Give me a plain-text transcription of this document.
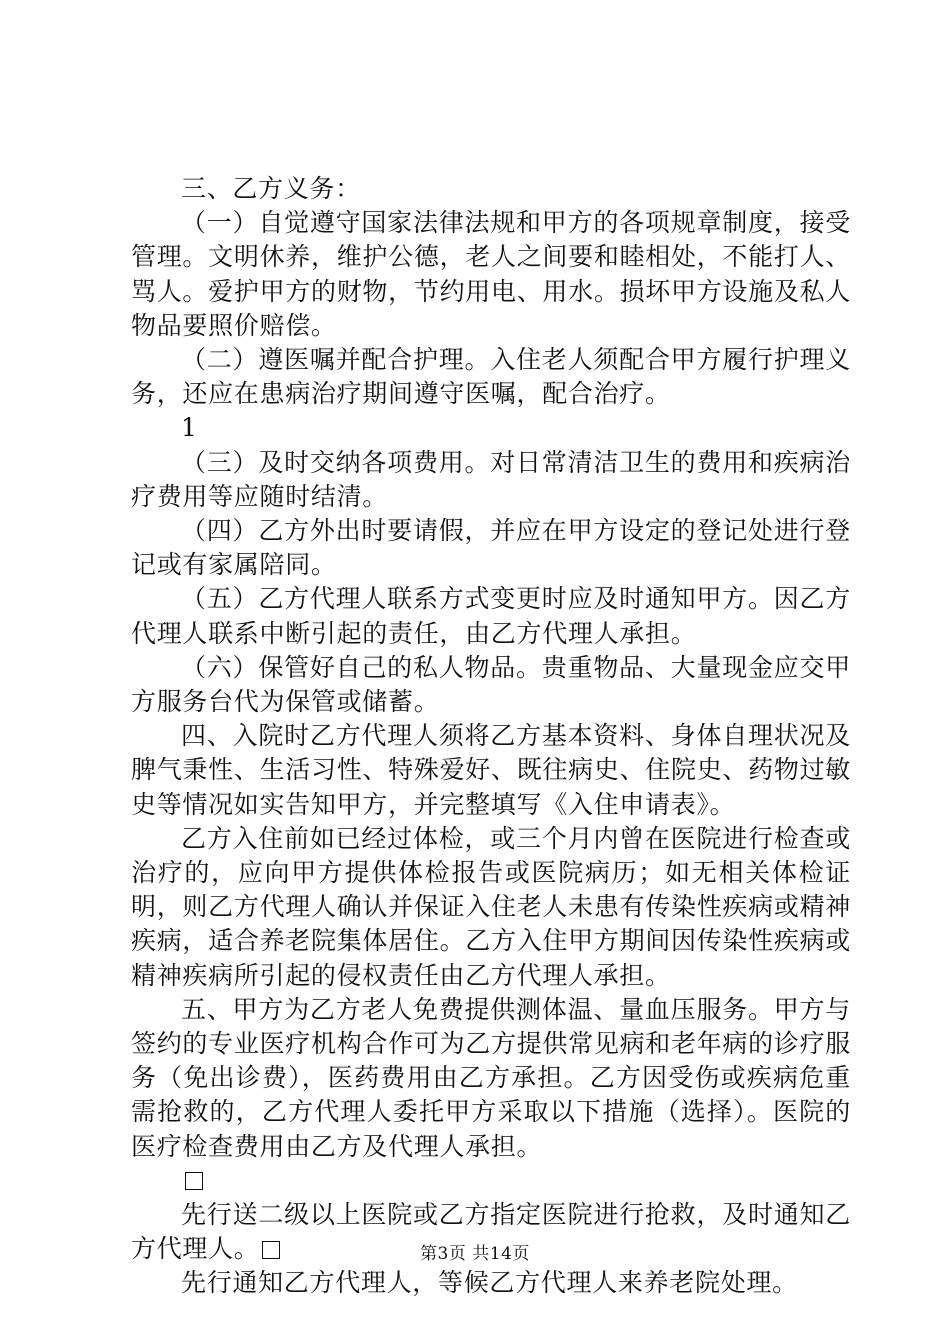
三、乙方义务：

（一）自觉遵守国家法律法规和甲方的各项规章制度，接受管理。文明休养，维护公德，老人之间要和睦相处，不能打人、骂人。爱护甲方的财物，节约用电、用水。损坏甲方设施及私人物品要照价赔偿。

（二）遵医嘱并配合护理。入住老人须配合甲方履行护理义务，还应在患病治疗期间遵守医嘱，配合治疗。

1

（三）及时交纳各项费用。对日常清洁卫生的费用和疾病治疗费用等应随时结清。

（四）乙方外出时要请假，并应在甲方设定的登记处进行登记或有家属陪同。

（五）乙方代理人联系方式变更时应及时通知甲方。因乙方代理人联系中断引起的责任，由乙方代理人承担。

（六）保管好自己的私人物品。贵重物品、大量现金应交甲方服务台代为保管或储蓄。

四、入院时乙方代理人须将乙方基本资料、身体自理状况及脾气秉性、生活习性、特殊爱好、既往病史、住院史、药物过敏史等情况如实告知甲方，并完整填写《入住申请表》。

乙方入住前如已经过体检，或三个月内曾在医院进行检查或治疗的，应向甲方提供体检报告或医院病历；如无相关体检证明，则乙方代理人确认并保证入住老人未患有传染性疾病或精神疾病，适合养老院集体居住。乙方入住甲方期间因传染性疾病或精神疾病所引起的侵权责任由乙方代理人承担。

五、甲方为乙方老人免费提供测体温、量血压服务。甲方与签约的专业医疗机构合作可为乙方提供常见病和老年病的诊疗服务（免出诊费），医药费用由乙方承担。乙方因受伤或疾病危重需抢救的，乙方代理人委托甲方采取以下措施（选择）。医院的医疗检查费用由乙方及代理人承担。

先行送二级以上医院或乙方指定医院进行抢救，及时通知乙方代理人。

先行通知乙方代理人，等候乙方代理人来养老院处理。

第3页 共14页
